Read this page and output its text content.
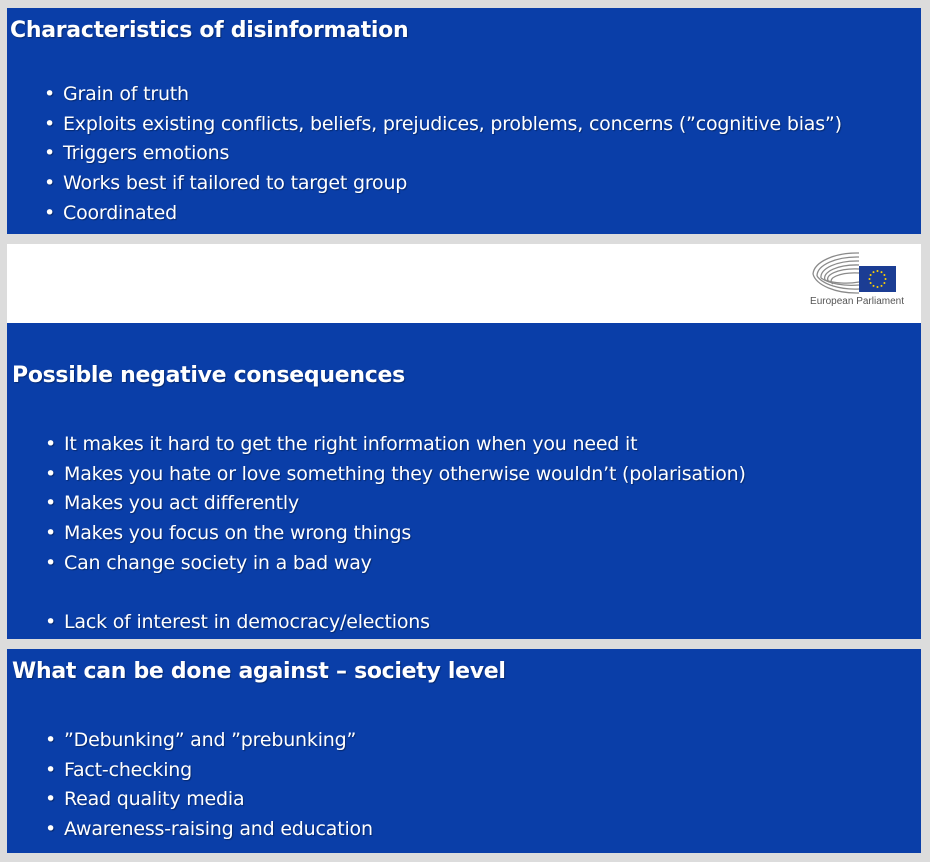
Characteristics of disinformation
• Grain of truth
• Exploits existing conflicts, beliefs, prejudices, problems, concerns (”cognitive bias”)
• Triggers emotions
• Works best if tailored to target group
• Coordinated
European Parliament
Possible negative consequences
• It makes it hard to get the right information when you need it
• Makes you hate or love something they otherwise wouldn’t (polarisation)
• Makes you act differently
• Makes you focus on the wrong things
• Can change society in a bad way
• Lack of interest in democracy/elections
What can be done against – society level
• ”Debunking” and ”prebunking”
• Fact-checking
• Read quality media
• Awareness-raising and education
